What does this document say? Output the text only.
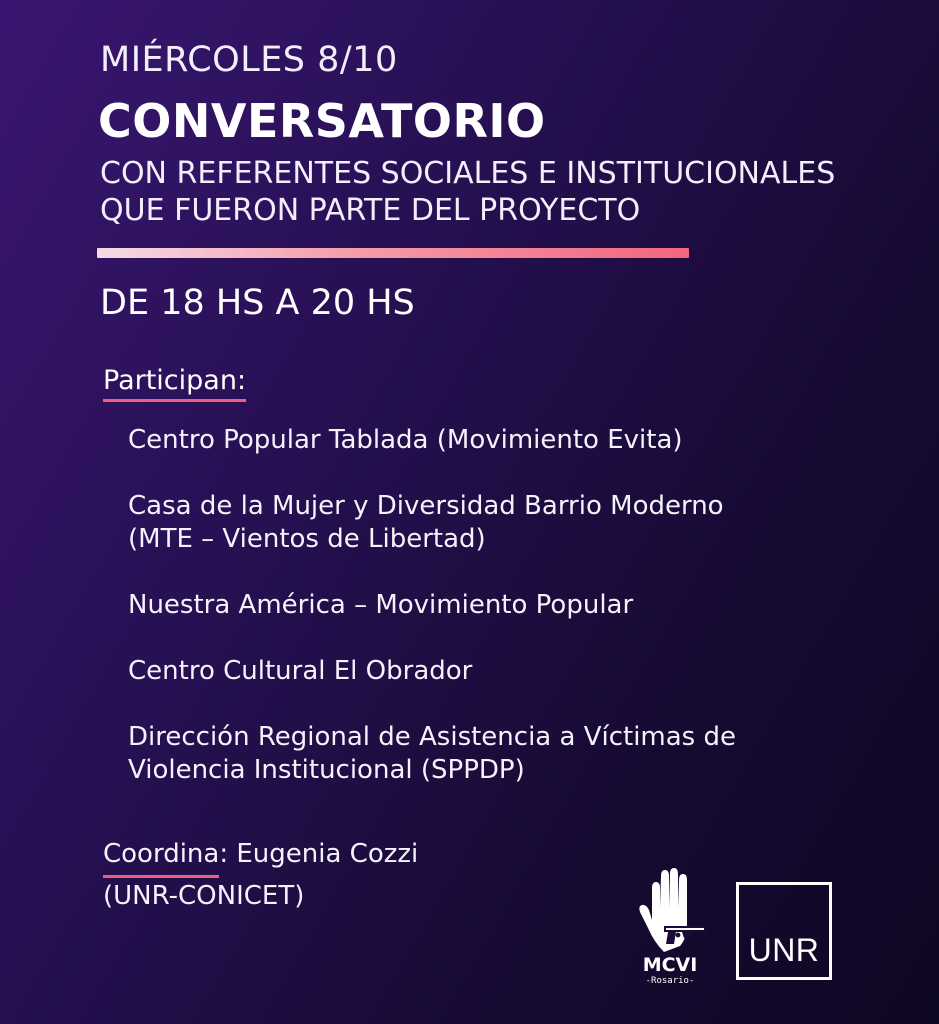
MIÉRCOLES 8/10
CONVERSATORIO
CON REFERENTES SOCIALES E INSTITUCIONALES
QUE FUERON PARTE DEL PROYECTO
DE 18 HS A 20 HS
Participan:
Centro Popular Tablada (Movimiento Evita)
Casa de la Mujer y Diversidad Barrio Moderno
(MTE – Vientos de Libertad)
Nuestra América – Movimiento Popular
Centro Cultural El Obrador
Dirección Regional de Asistencia a Víctimas de
Violencia Institucional (SPPDP)
Coordina: Eugenia Cozzi
(UNR-CONICET)
MCVI
-Rosario-
UNR
